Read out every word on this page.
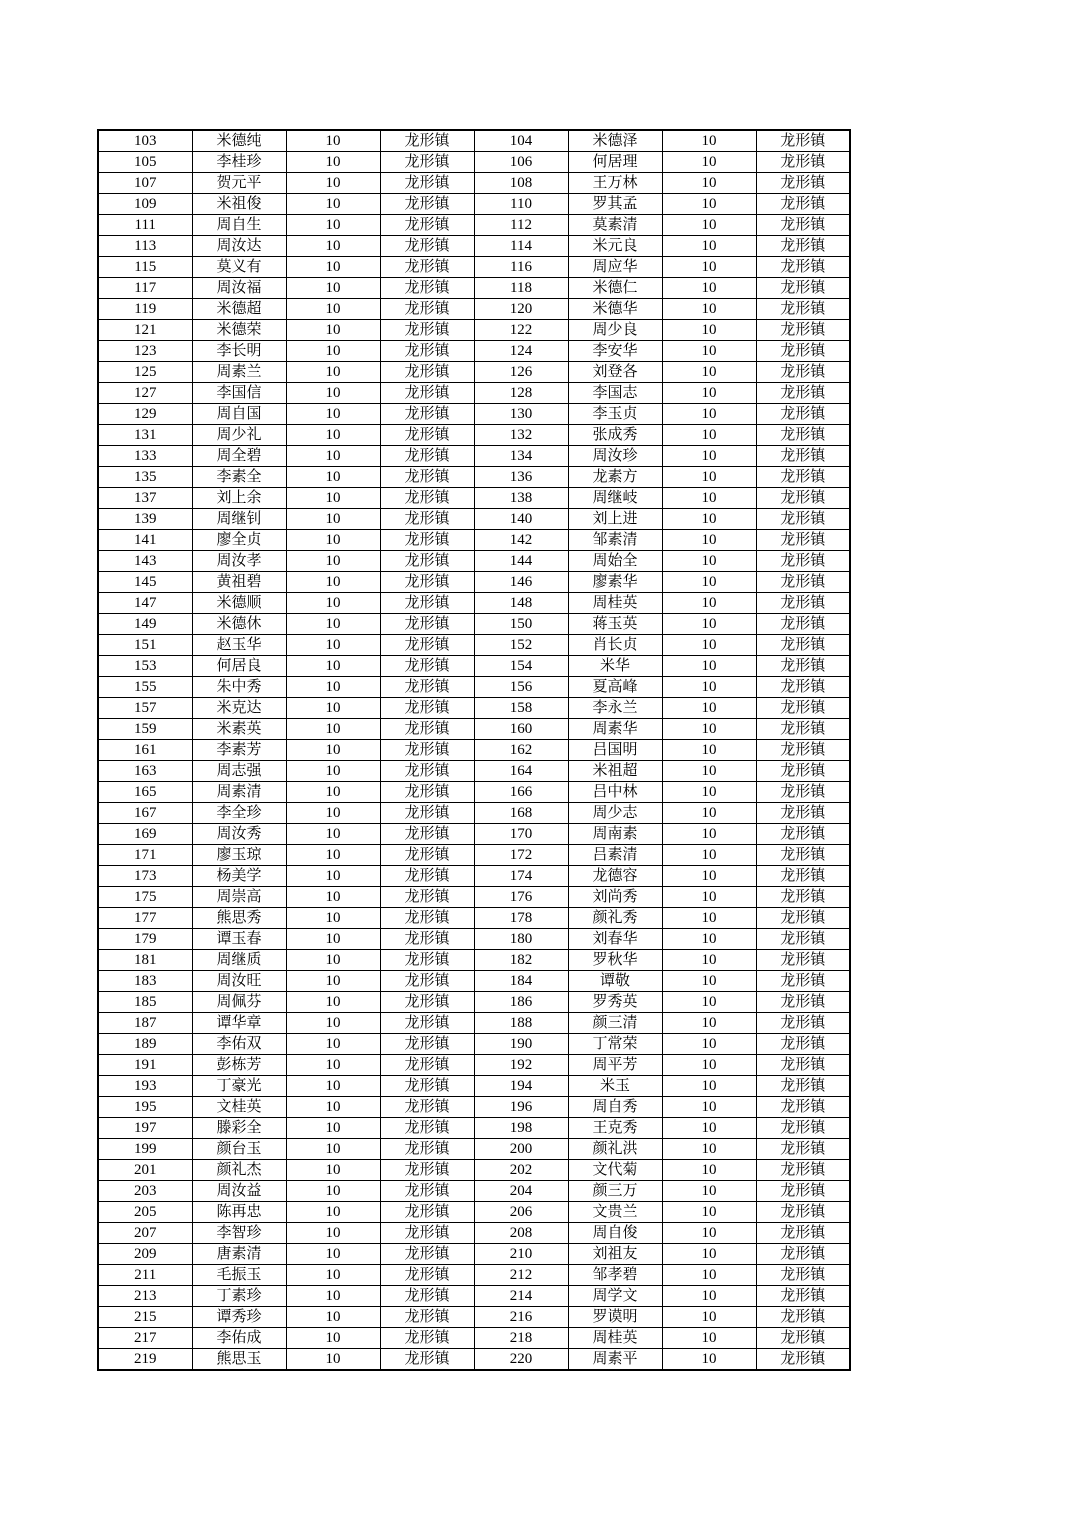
103	米德纯	10	龙形镇	104	米德泽	10	龙形镇
105	李桂珍	10	龙形镇	106	何居理	10	龙形镇
107	贺元平	10	龙形镇	108	王万林	10	龙形镇
109	米祖俊	10	龙形镇	110	罗其孟	10	龙形镇
111	周自生	10	龙形镇	112	莫素清	10	龙形镇
113	周汝达	10	龙形镇	114	米元良	10	龙形镇
115	莫义有	10	龙形镇	116	周应华	10	龙形镇
117	周汝福	10	龙形镇	118	米德仁	10	龙形镇
119	米德超	10	龙形镇	120	米德华	10	龙形镇
121	米德荣	10	龙形镇	122	周少良	10	龙形镇
123	李长明	10	龙形镇	124	李安华	10	龙形镇
125	周素兰	10	龙形镇	126	刘登各	10	龙形镇
127	李国信	10	龙形镇	128	李国志	10	龙形镇
129	周自国	10	龙形镇	130	李玉贞	10	龙形镇
131	周少礼	10	龙形镇	132	张成秀	10	龙形镇
133	周全碧	10	龙形镇	134	周汝珍	10	龙形镇
135	李素全	10	龙形镇	136	龙素方	10	龙形镇
137	刘上余	10	龙形镇	138	周继岐	10	龙形镇
139	周继钊	10	龙形镇	140	刘上进	10	龙形镇
141	廖全贞	10	龙形镇	142	邹素清	10	龙形镇
143	周汝孝	10	龙形镇	144	周始全	10	龙形镇
145	黄祖碧	10	龙形镇	146	廖素华	10	龙形镇
147	米德顺	10	龙形镇	148	周桂英	10	龙形镇
149	米德休	10	龙形镇	150	蒋玉英	10	龙形镇
151	赵玉华	10	龙形镇	152	肖长贞	10	龙形镇
153	何居良	10	龙形镇	154	米华	10	龙形镇
155	朱中秀	10	龙形镇	156	夏高峰	10	龙形镇
157	米克达	10	龙形镇	158	李永兰	10	龙形镇
159	米素英	10	龙形镇	160	周素华	10	龙形镇
161	李素芳	10	龙形镇	162	吕国明	10	龙形镇
163	周志强	10	龙形镇	164	米祖超	10	龙形镇
165	周素清	10	龙形镇	166	吕中林	10	龙形镇
167	李全珍	10	龙形镇	168	周少志	10	龙形镇
169	周汝秀	10	龙形镇	170	周南素	10	龙形镇
171	廖玉琼	10	龙形镇	172	吕素清	10	龙形镇
173	杨美学	10	龙形镇	174	龙德容	10	龙形镇
175	周崇高	10	龙形镇	176	刘尚秀	10	龙形镇
177	熊思秀	10	龙形镇	178	颜礼秀	10	龙形镇
179	谭玉春	10	龙形镇	180	刘春华	10	龙形镇
181	周继质	10	龙形镇	182	罗秋华	10	龙形镇
183	周汝旺	10	龙形镇	184	谭敬	10	龙形镇
185	周佩芬	10	龙形镇	186	罗秀英	10	龙形镇
187	谭华章	10	龙形镇	188	颜三清	10	龙形镇
189	李佑双	10	龙形镇	190	丁常荣	10	龙形镇
191	彭栋芳	10	龙形镇	192	周平芳	10	龙形镇
193	丁豪光	10	龙形镇	194	米玉	10	龙形镇
195	文桂英	10	龙形镇	196	周自秀	10	龙形镇
197	滕彩全	10	龙形镇	198	王克秀	10	龙形镇
199	颜台玉	10	龙形镇	200	颜礼洪	10	龙形镇
201	颜礼杰	10	龙形镇	202	文代菊	10	龙形镇
203	周汝益	10	龙形镇	204	颜三万	10	龙形镇
205	陈再忠	10	龙形镇	206	文贵兰	10	龙形镇
207	李智珍	10	龙形镇	208	周自俊	10	龙形镇
209	唐素清	10	龙形镇	210	刘祖友	10	龙形镇
211	毛振玉	10	龙形镇	212	邹孝碧	10	龙形镇
213	丁素珍	10	龙形镇	214	周学文	10	龙形镇
215	谭秀珍	10	龙形镇	216	罗谟明	10	龙形镇
217	李佑成	10	龙形镇	218	周桂英	10	龙形镇
219	熊思玉	10	龙形镇	220	周素平	10	龙形镇
